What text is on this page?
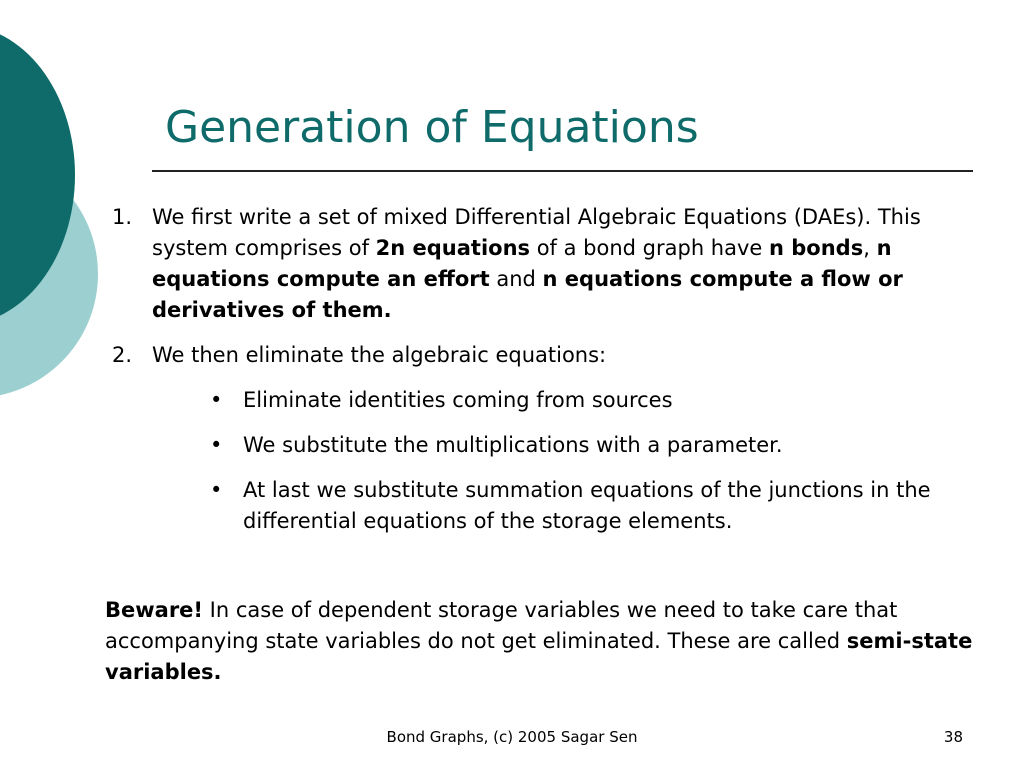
Generation of Equations
1. We first write a set of mixed Differential Algebraic Equations (DAEs). This system comprises of 2n equations of a bond graph have n bonds, n equations compute an effort and n equations compute a flow or derivatives of them.
2. We then eliminate the algebraic equations:
• Eliminate identities coming from sources
• We substitute the multiplications with a parameter.
• At last we substitute summation equations of the junctions in the differential equations of the storage elements.
Beware! In case of dependent storage variables we need to take care that accompanying state variables do not get eliminated. These are called semi-state variables.
Bond Graphs, (c) 2005 Sagar Sen	38
